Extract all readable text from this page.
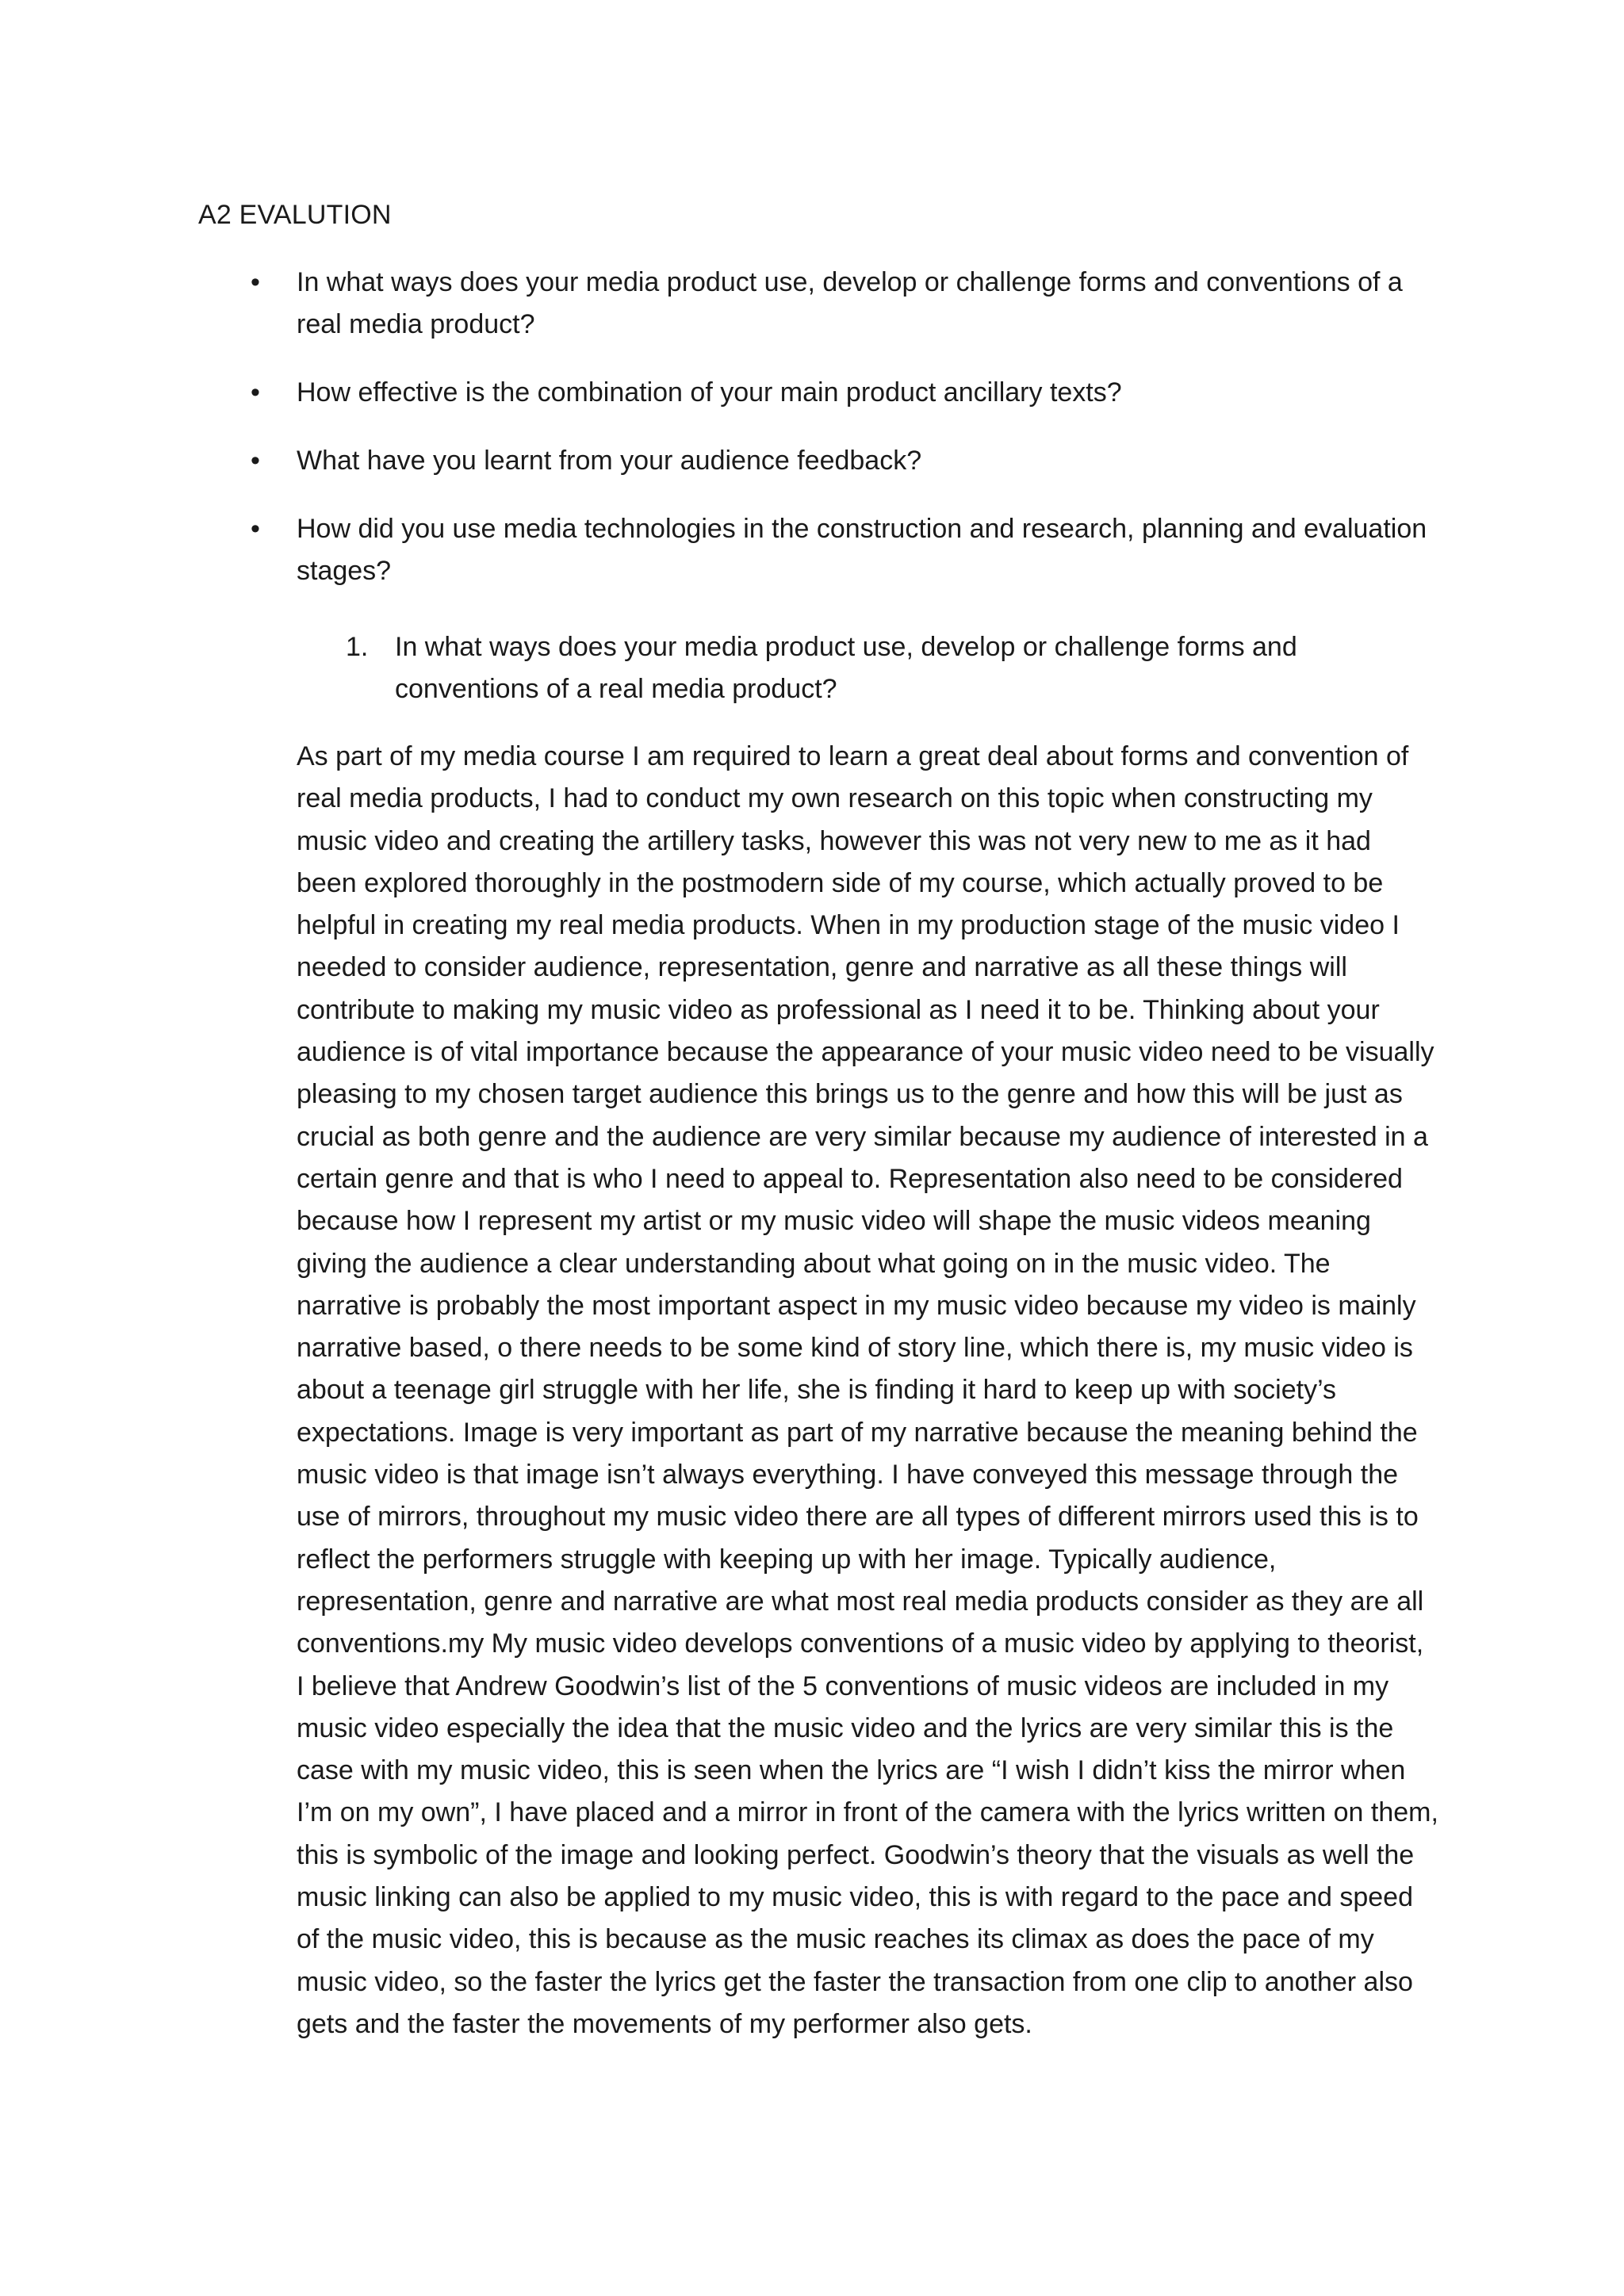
A2 EVALUTION
• In what ways does your media product use, develop or challenge forms and conventions of a real media product?
• How effective is the combination of your main product ancillary texts?
• What have you learnt from your audience feedback?
• How did you use media technologies in the construction and research, planning and evaluation stages?
1. In what ways does your media product use, develop or challenge forms and conventions of a real media product?

As part of my media course I am required to learn a great deal about forms and convention of real media products, I had to conduct my own research on this topic when constructing my music video and creating the artillery tasks, however this was not very new to me as it had been explored thoroughly in the postmodern side of my course, which actually proved to be helpful in creating my real media products. When in my production stage of the music video I needed to consider audience, representation, genre and narrative as all these things will contribute to making my music video as professional as I need it to be. Thinking about your audience is of vital importance because the appearance of your music video need to be visually pleasing to my chosen target audience this brings us to the genre and how this will be just as crucial as both genre and the audience are very similar because my audience of interested in a certain genre and that is who I need to appeal to. Representation also need to be considered because how I represent my artist or my music video will shape the music videos meaning giving the audience a clear understanding about what going on in the music video. The narrative is probably the most important aspect in my music video because my video is mainly narrative based, o there needs to be some kind of story line, which there is, my music video is about a teenage girl struggle with her life, she is finding it hard to keep up with society’s expectations. Image is very important as part of my narrative because the meaning behind the music video is that image isn’t always everything. I have conveyed this message through the use of mirrors, throughout my music video there are all types of different mirrors used this is to reflect the performers struggle with keeping up with her image. Typically audience, representation, genre and narrative are what most real media products consider as they are all conventions.my My music video develops conventions of a music video by applying to theorist, I believe that Andrew Goodwin’s list of the 5 conventions of music videos are included in my music video especially the idea that the music video and the lyrics are very similar this is the case with my music video, this is seen when the lyrics are “I wish I didn’t kiss the mirror when I’m on my own”, I have placed and a mirror in front of the camera with the lyrics written on them, this is symbolic of the image and looking perfect. Goodwin’s theory that the visuals as well the music linking can also be applied to my music video, this is with regard to the pace and speed of the music video, this is because as the music reaches its climax as does the pace of my music video, so the faster the lyrics get the faster the transaction from one clip to another also gets and the faster the movements of my performer also gets.
